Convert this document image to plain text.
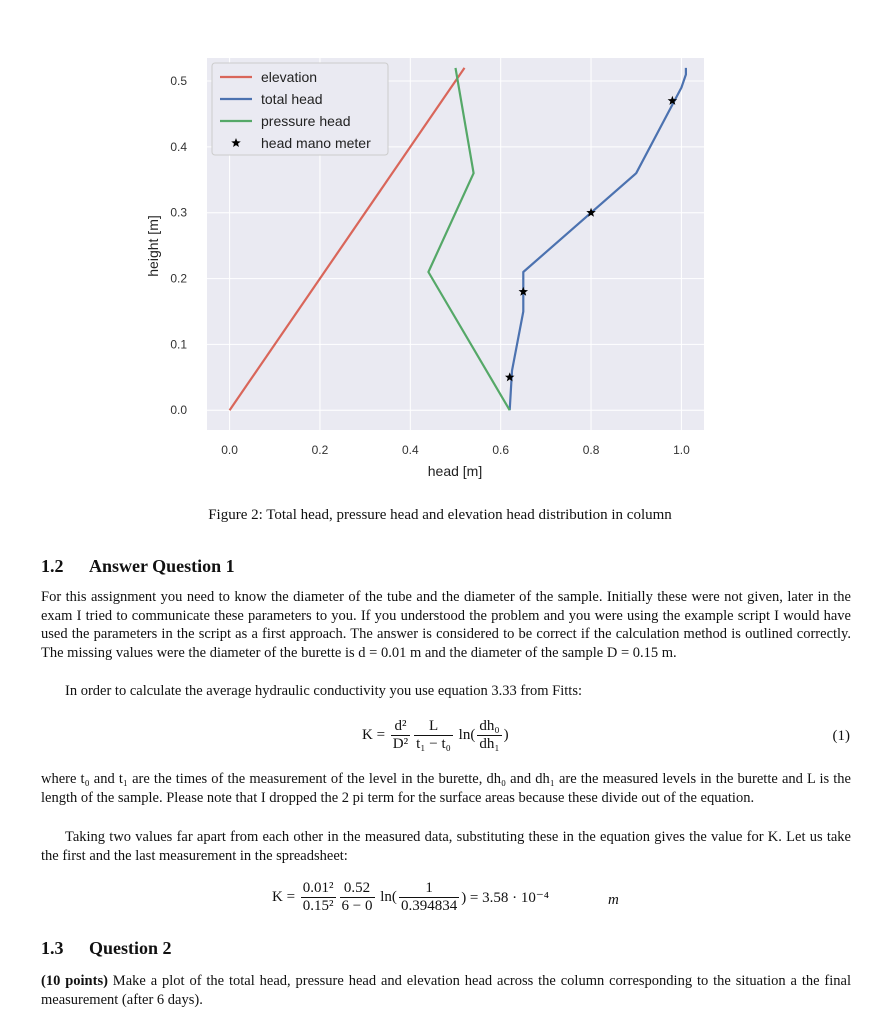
0.0	0.2	0.4	0.6	0.8	1.0
0.0
0.1
0.2
0.3
0.4
0.5
head [m]
height [m]
elevation
total head
pressure head
head mano meter
Figure 2: Total head, pressure head and elevation head distribution in column
1.2 Answer Question 1

For this assignment you need to know the diameter of the tube and the diameter of the sample. Initially these were not given, later in the exam I tried to communicate these parameters to you. If you understood the problem and you were using the example script I would have used the parameters in the script as a first approach. The answer is considered to be correct if the calculation method is outlined correctly. The missing values were the diameter of the burette is d = 0.01 m and the diameter of the sample D = 0.15 m.

In order to calculate the average hydraulic conductivity you use equation 3.33 from Fitts:

$K = \frac{\text{d²}}{\text{D²}} \frac{L}{\text{t₁ − t₀}} \ln( \frac{\text{dh₀}}{\text{dh₁}}$ )	(1)

where t₀ and t₁ are the times of the measurement of the level in the burette, dh₀ and dh₁ are the measured levels in the burette and L is the length of the sample. Please note that I dropped the 2 pi term for the surface areas because these divide out of the equation.

Taking two values far apart from each other in the measured data, substituting these in the equation gives the value for K. Let us take the first and the last measurement in the spreadsheet:

$K = \frac{\text{0.01²}}{\text{0.15²}} \frac{0.52}{6 - 0} \ln( \frac{1}{0.394834}$ ) = 3.58 · 10⁻⁴	m
1.3 Question 2

(10 points) Make a plot of the total head, pressure head and elevation head across the column corresponding to the situation a the final measurement (after 6 days).
